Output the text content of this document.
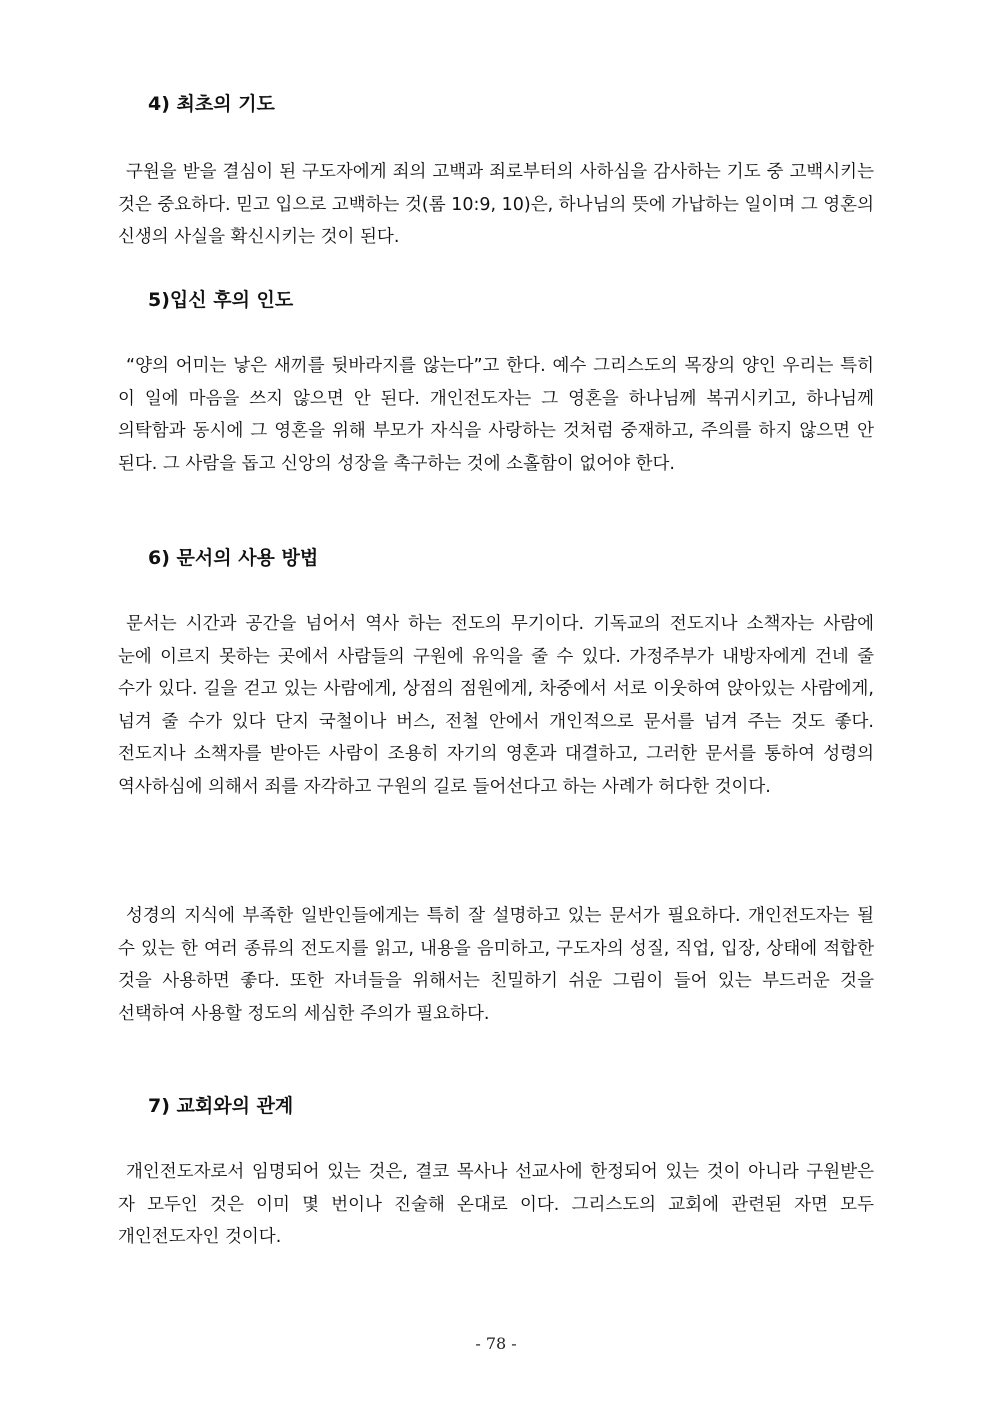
4) 최초의 기도

구원을 받을 결심이 된 구도자에게 죄의 고백과 죄로부터의 사하심을 감사하는 기도 중 고백시키는 것은 중요하다. 믿고 입으로 고백하는 것(롬 10:9, 10)은, 하나님의 뜻에 가납하는 일이며 그 영혼의 신생의 사실을 확신시키는 것이 된다.

5)입신 후의 인도

“양의 어미는 낳은 새끼를 뒷바라지를 않는다”고 한다. 예수 그리스도의 목장의 양인 우리는 특히 이 일에 마음을 쓰지 않으면 안 된다. 개인전도자는 그 영혼을 하나님께 복귀시키고, 하나님께 의탁함과 동시에 그 영혼을 위해 부모가 자식을 사랑하는 것처럼 중재하고, 주의를 하지 않으면 안 된다. 그 사람을 돕고 신앙의 성장을 촉구하는 것에 소홀함이 없어야 한다.

6) 문서의 사용 방법

문서는 시간과 공간을 넘어서 역사 하는 전도의 무기이다. 기독교의 전도지나 소책자는 사람에 눈에 이르지 못하는 곳에서 사람들의 구원에 유익을 줄 수 있다. 가정주부가 내방자에게 건네 줄 수가 있다. 길을 걷고 있는 사람에게, 상점의 점원에게, 차중에서 서로 이웃하여 앉아있는 사람에게, 넘겨 줄 수가 있다 단지 국철이나 버스, 전철 안에서 개인적으로 문서를 넘겨 주는 것도 좋다. 전도지나 소책자를 받아든 사람이 조용히 자기의 영혼과 대결하고, 그러한 문서를 통하여 성령의 역사하심에 의해서 죄를 자각하고 구원의 길로 들어선다고 하는 사례가 허다한 것이다.

성경의 지식에 부족한 일반인들에게는 특히 잘 설명하고 있는 문서가 필요하다. 개인전도자는 될 수 있는 한 여러 종류의 전도지를 읽고, 내용을 음미하고, 구도자의 성질, 직업, 입장, 상태에 적합한 것을 사용하면 좋다. 또한 자녀들을 위해서는 친밀하기 쉬운 그림이 들어 있는 부드러운 것을 선택하여 사용할 정도의 세심한 주의가 필요하다.

7) 교회와의 관계

개인전도자로서 임명되어 있는 것은, 결코 목사나 선교사에 한정되어 있는 것이 아니라 구원받은 자 모두인 것은 이미 몇 번이나 진술해 온대로 이다. 그리스도의 교회에 관련된 자면 모두 개인전도자인 것이다.

- 78 -
